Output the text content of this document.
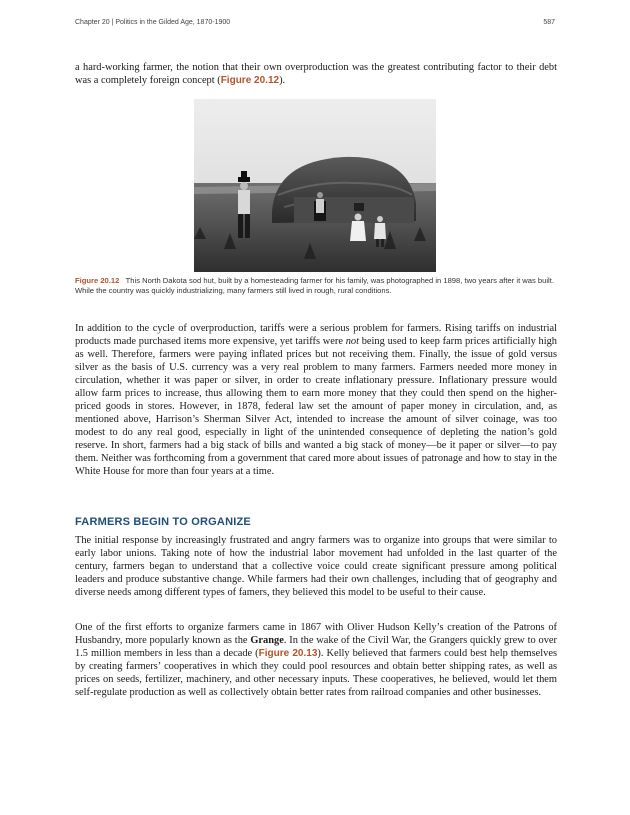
Chapter 20 | Politics in the Gilded Age, 1870-1900	587

a hard-working farmer, the notion that their own overproduction was the greatest contributing factor to their debt was a completely foreign concept (Figure 20.12).

Figure 20.12 This North Dakota sod hut, built by a homesteading farmer for his family, was photographed in 1898, two years after it was built. While the country was quickly industrializing, many farmers still lived in rough, rural conditions.

In addition to the cycle of overproduction, tariffs were a serious problem for farmers. Rising tariffs on industrial products made purchased items more expensive, yet tariffs were not being used to keep farm prices artificially high as well. Therefore, farmers were paying inflated prices but not receiving them. Finally, the issue of gold versus silver as the basis of U.S. currency was a very real problem to many farmers. Farmers needed more money in circulation, whether it was paper or silver, in order to create inflationary pressure. Inflationary pressure would allow farm prices to increase, thus allowing them to earn more money that they could then spend on the higher-priced goods in stores. However, in 1878, federal law set the amount of paper money in circulation, and, as mentioned above, Harrison’s Sherman Silver Act, intended to increase the amount of silver coinage, was too modest to do any real good, especially in light of the unintended consequence of depleting the nation’s gold reserve. In short, farmers had a big stack of bills and wanted a big stack of money—be it paper or silver—to pay them. Neither was forthcoming from a government that cared more about issues of patronage and how to stay in the White House for more than four years at a time.

FARMERS BEGIN TO ORGANIZE

The initial response by increasingly frustrated and angry farmers was to organize into groups that were similar to early labor unions. Taking note of how the industrial labor movement had unfolded in the last quarter of the century, farmers began to understand that a collective voice could create significant pressure among political leaders and produce substantive change. While farmers had their own challenges, including that of geography and diverse needs among different types of famers, they believed this model to be useful to their cause.

One of the first efforts to organize farmers came in 1867 with Oliver Hudson Kelly’s creation of the Patrons of Husbandry, more popularly known as the Grange. In the wake of the Civil War, the Grangers quickly grew to over 1.5 million members in less than a decade (Figure 20.13). Kelly believed that farmers could best help themselves by creating farmers’ cooperatives in which they could pool resources and obtain better shipping rates, as well as prices on seeds, fertilizer, machinery, and other necessary inputs. These cooperatives, he believed, would let them self-regulate production as well as collectively obtain better rates from railroad companies and other businesses.
